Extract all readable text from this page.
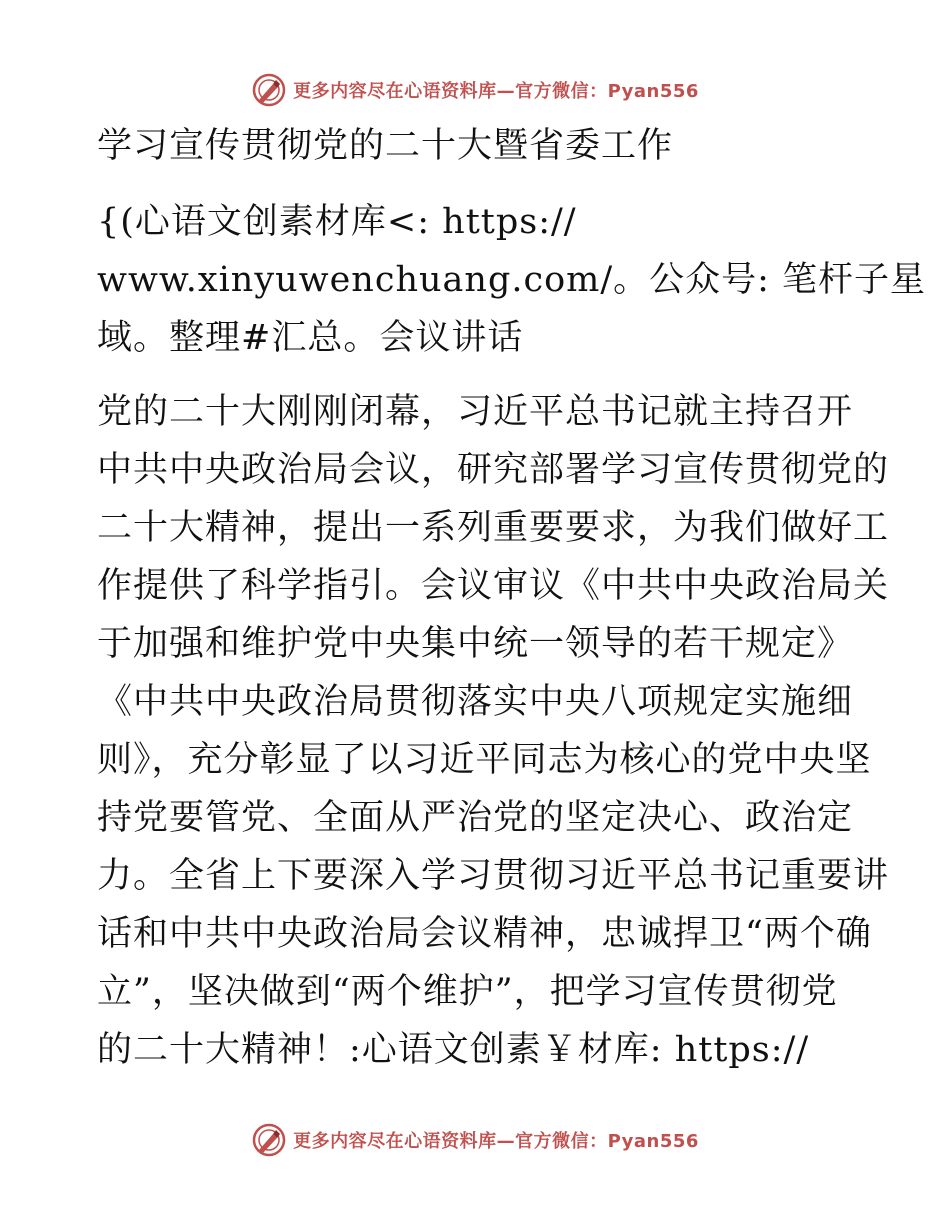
更多内容尽在心语资料库—官方微信：Pyan556
学习宣传贯彻党的二十大暨省委工作
{(心语文创素材库<: https://
www.xinyuwenchuang.com/。公众号: 笔杆子星
域。整理#汇总。会议讲话
党的二十大刚刚闭幕，习近平总书记就主持召开
中共中央政治局会议，研究部署学习宣传贯彻党的
二十大精神，提出一系列重要要求，为我们做好工
作提供了科学指引。会议审议《中共中央政治局关
于加强和维护党中央集中统一领导的若干规定》
《中共中央政治局贯彻落实中央八项规定实施细
则》，充分彰显了以习近平同志为核心的党中央坚
持党要管党、全面从严治党的坚定决心、政治定
力。全省上下要深入学习贯彻习近平总书记重要讲
话和中共中央政治局会议精神，忠诚捍卫“两个确
立”，坚决做到“两个维护”，把学习宣传贯彻党
的二十大精神！:心语文创素￥材库: https://
更多内容尽在心语资料库—官方微信：Pyan556
